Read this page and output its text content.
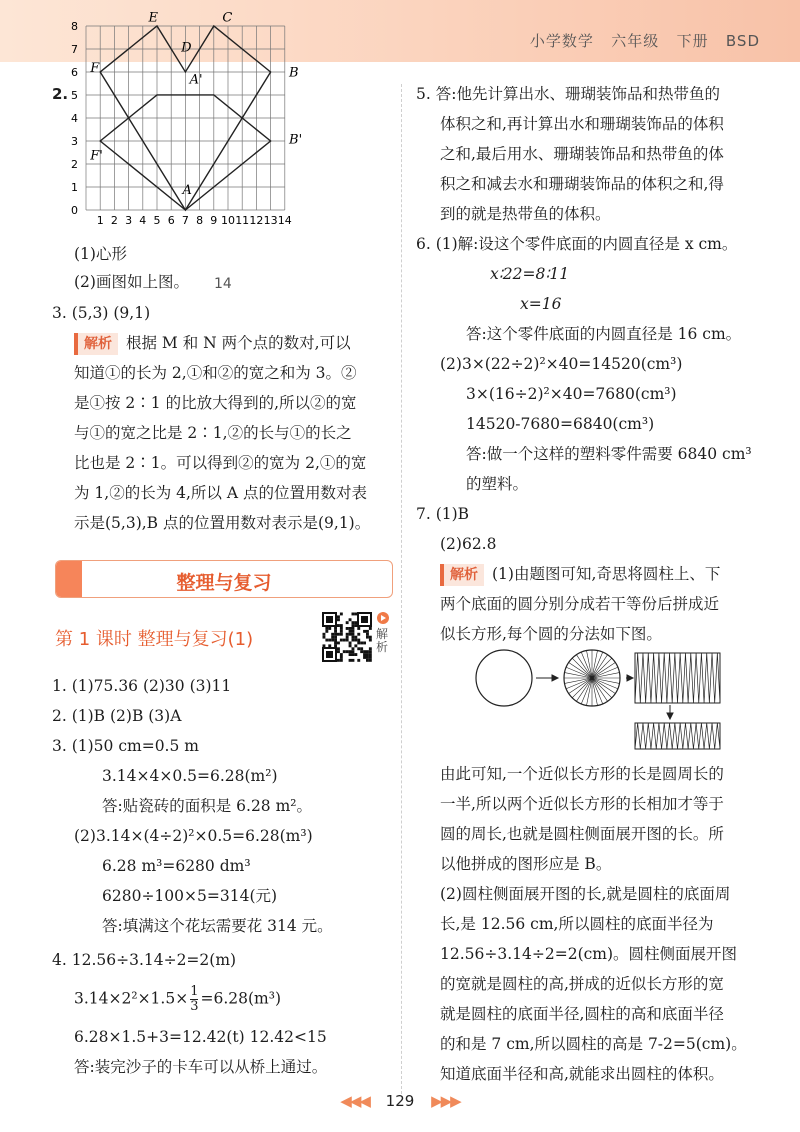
小学数学 六年级 下册 BSD
2.
1 2 3 4 5 6 7 8 9 10 11 12 13 14
0
1
2
3
4
5
6
7
8
E	C
D
F
A'	B
F'
B'
A
(1)心形
(2)画图如上图。 14
3. (5,3) (9,1)
解析 根据 M 和 N 两个点的数对,可以
知道①的长为 2,①和②的宽之和为 3。②
是①按 2∶1 的比放大得到的,所以②的宽
与①的宽之比是 2∶1,②的长与①的长之
比也是 2∶1。可以得到②的宽为 2,①的宽
为 1,②的长为 4,所以 A 点的位置用数对表
示是(5,3),B 点的位置用数对表示是(9,1)。
整理与复习
第 1 课时 整理与复习(1)	解析
1. (1)75.36 (2)30 (3)11
2. (1)B (2)B (3)A
3. (1)50 cm=0.5 m
3.14×4×0.5=6.28(m²)
答:贴瓷砖的面积是 6.28 m²。
(2)3.14×(4÷2)²×0.5=6.28(m³)
6.28 m³=6280 dm³
6280÷100×5=314(元)
答:填满这个花坛需要花 314 元。
4. 12.56÷3.14÷2=2(m)
$3.14\times 2^2\times 1.5\times \frac{1}{3} =6.28(m^3)$
6.28×1.5+3=12.42(t) 12.42<15
答:装完沙子的卡车可以从桥上通过。
5. 答:他先计算出水、珊瑚装饰品和热带鱼的
体积之和,再计算出水和珊瑚装饰品的体积
之和,最后用水、珊瑚装饰品和热带鱼的体
积之和减去水和珊瑚装饰品的体积之和,得
到的就是热带鱼的体积。
6. (1)解:设这个零件底面的内圆直径是 x cm。
x∶22=8∶11
x=16
答:这个零件底面的内圆直径是 16 cm。
(2)3×(22÷2)²×40=14520(cm³)
3×(16÷2)²×40=7680(cm³)
14520-7680=6840(cm³)
答:做一个这样的塑料零件需要 6840 cm³
的塑料。
7. (1)B
(2)62.8
解析 (1)由题图可知,奇思将圆柱上、下
两个底面的圆分别分成若干等份后拼成近
似长方形,每个圆的分法如下图。
由此可知,一个近似长方形的长是圆周长的
一半,所以两个近似长方形的长相加才等于
圆的周长,也就是圆柱侧面展开图的长。所
以他拼成的图形应是 B。
(2)圆柱侧面展开图的长,就是圆柱的底面周
长,是 12.56 cm,所以圆柱的底面半径为
12.56÷3.14÷2=2(cm)。圆柱侧面展开图
的宽就是圆柱的高,拼成的近似长方形的宽
就是圆柱的底面半径,圆柱的高和底面半径
的和是 7 cm,所以圆柱的高是 7-2=5(cm)。
知道底面半径和高,就能求出圆柱的体积。
◀◀◀ 129 ▶▶▶
